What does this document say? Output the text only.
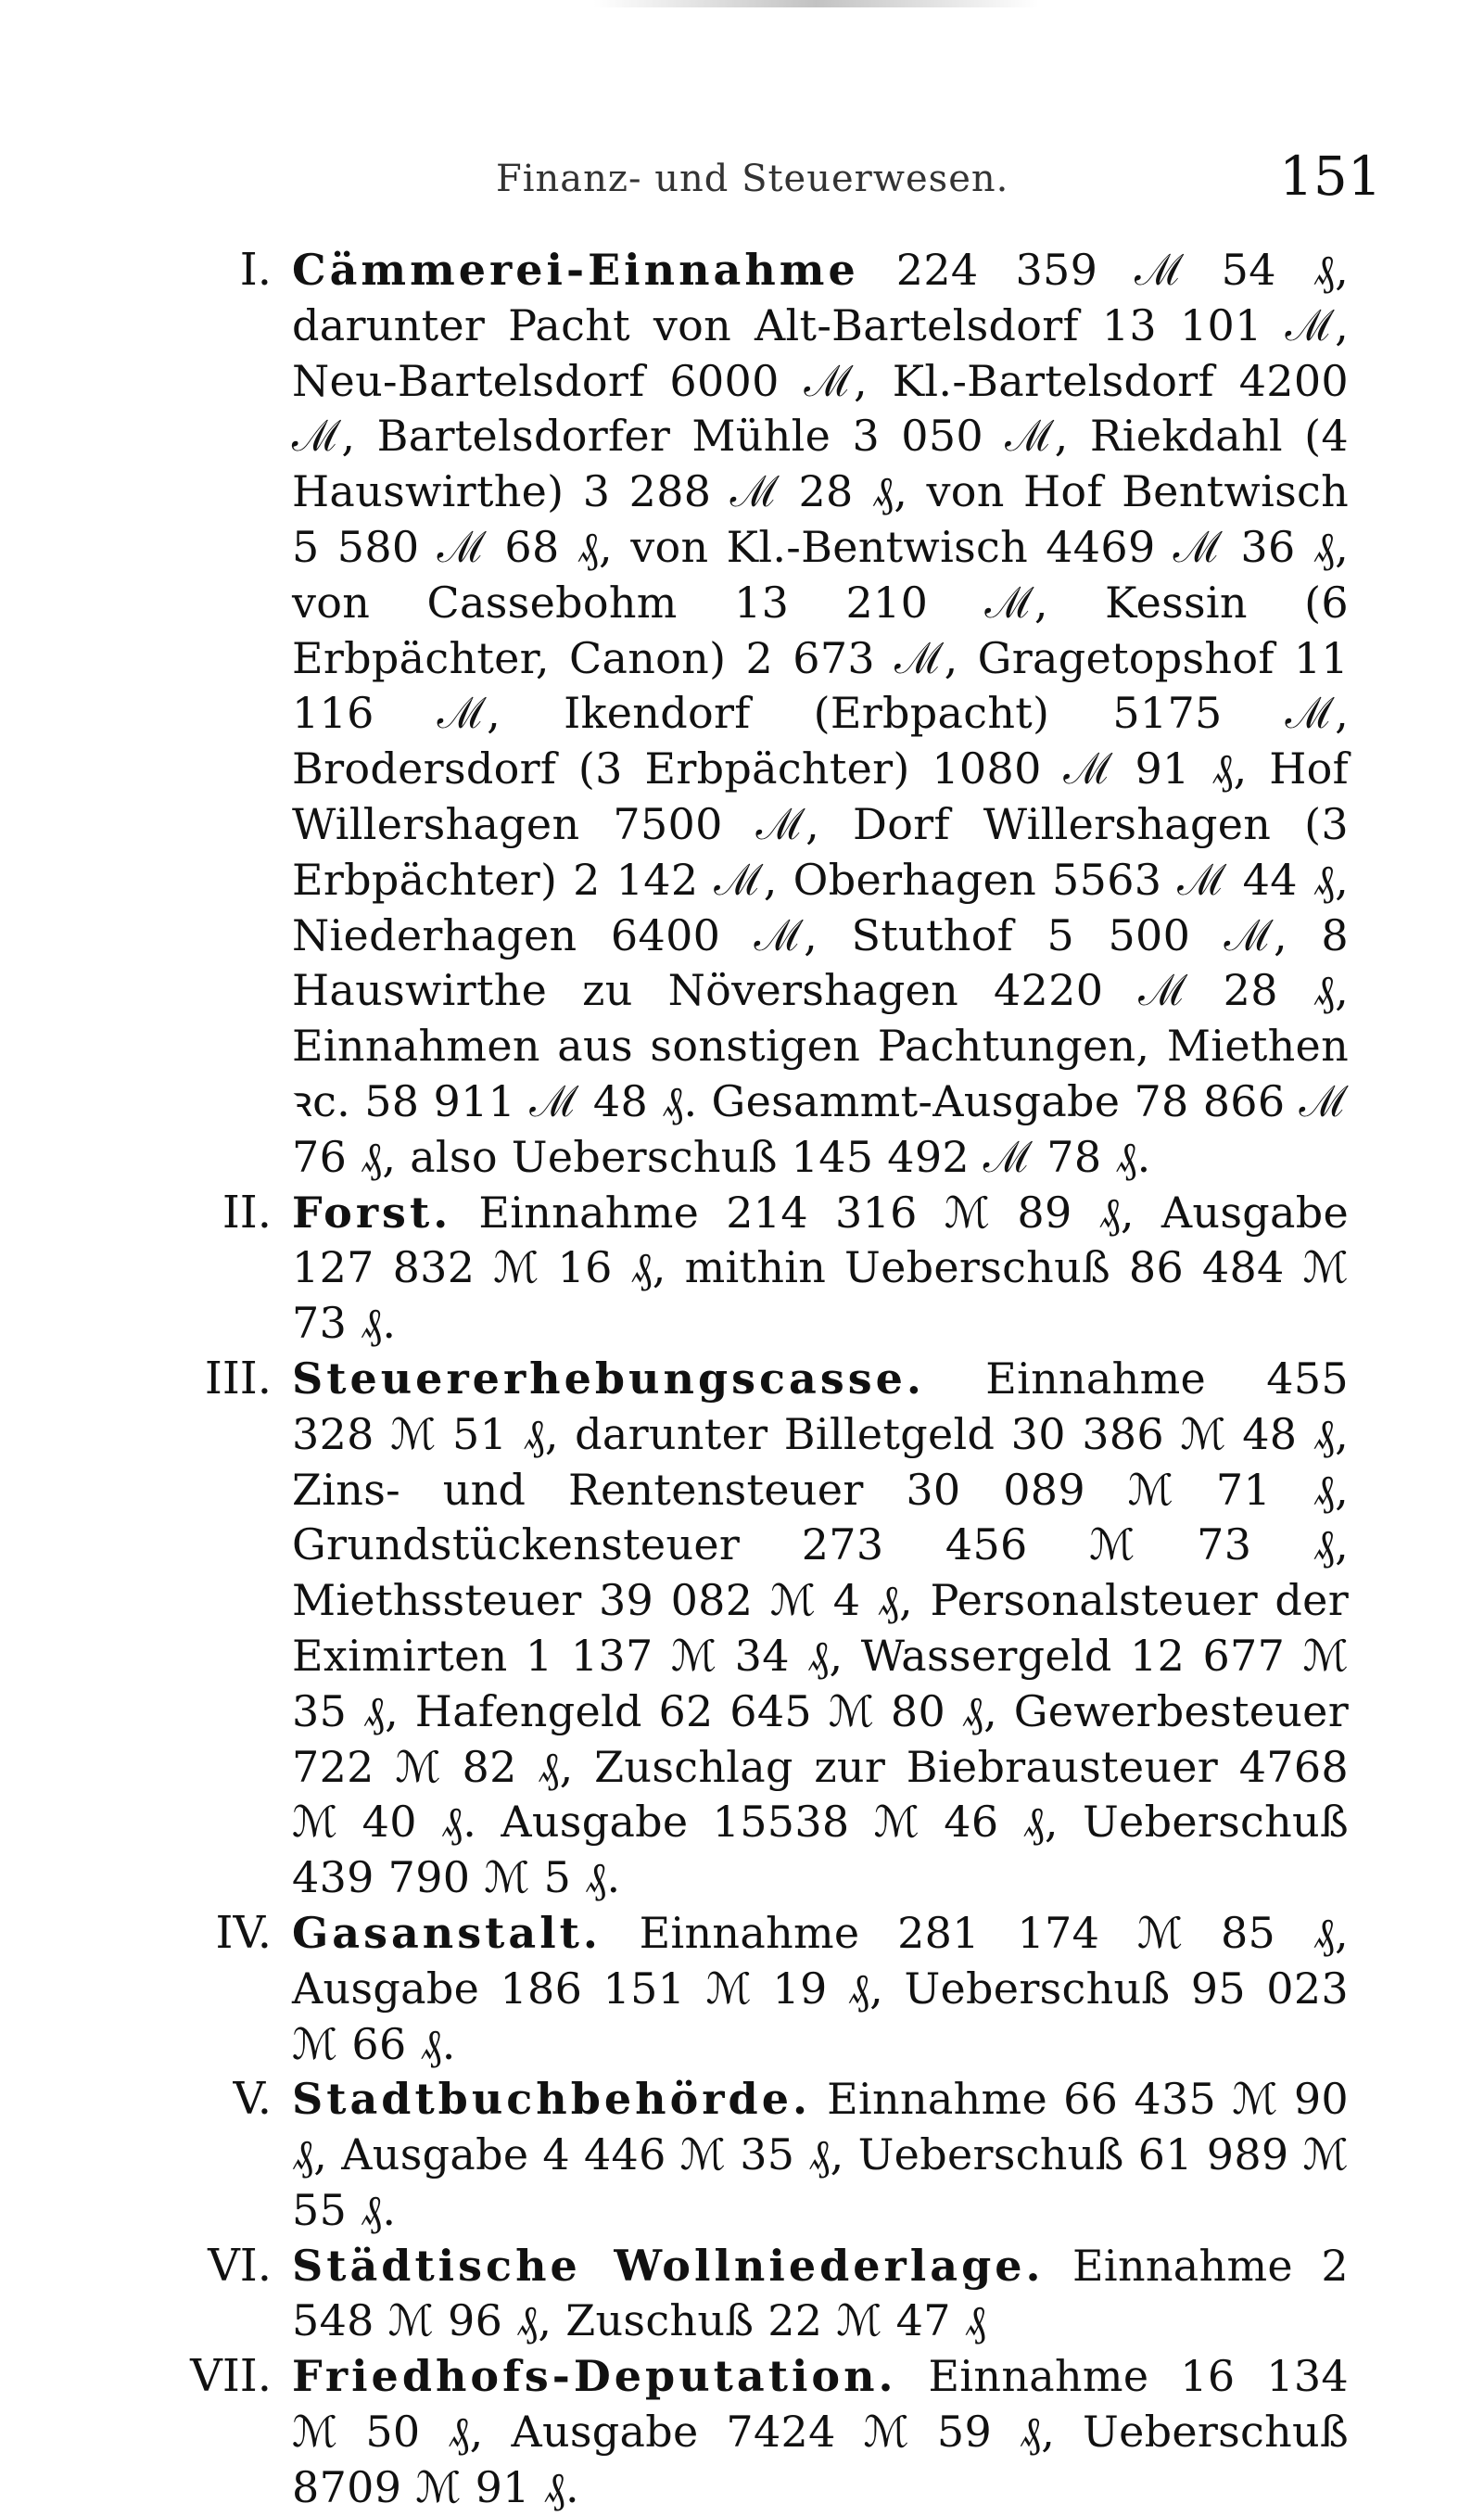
Finanz- und Steuerwesen.	151
I. Cämmerei-Einnahme 224 359 ℳ 54 ₰, darunter Pacht von Alt-Bartelsdorf 13 101 ℳ, Neu-Bartelsdorf 6000 ℳ, Kl.-Bartelsdorf 4200 ℳ, Bartelsdorfer Mühle 3 050 ℳ, Riekdahl (4 Hauswirthe) 3 288 ℳ 28 ₰, von Hof Bentwisch 5 580 ℳ 68 ₰, von Kl.-Bentwisch 4469 ℳ 36 ₰, von Cassebohm 13 210 ℳ, Kessin (6 Erbpächter, Canon) 2 673 ℳ, Gragetopshof 11 116 ℳ, Ikendorf (Erbpacht) 5175 ℳ, Brodersdorf (3 Erbpächter) 1080 ℳ 91 ₰, Hof Willershagen 7500 ℳ, Dorf Willershagen (3 Erbpächter) 2 142 ℳ, Oberhagen 5563 ℳ 44 ₰, Niederhagen 6400 ℳ, Stuthof 5 500 ℳ, 8 Hauswirthe zu Növershagen 4220 ℳ 28 ₰, Einnahmen aus sonstigen Pachtungen, Miethen ꝛc. 58 911 ℳ 48 ₰. Gesammt-Ausgabe 78 866 ℳ 76 ₰, also Ueberschuß 145 492 ℳ 78 ₰.
II. Forst. Einnahme 214 316 ℳ 89 ₰, Ausgabe 127 832 ℳ 16 ₰, mithin Ueberschuß 86 484 ℳ 73 ₰.
III. Steuererhebungscasse. Einnahme 455 328 ℳ 51 ₰, darunter Billetgeld 30 386 ℳ 48 ₰, Zins- und Rentensteuer 30 089 ℳ 71 ₰, Grundstückensteuer 273 456 ℳ 73 ₰, Miethssteuer 39 082 ℳ 4 ₰, Personalsteuer der Eximirten 1 137 ℳ 34 ₰, Wassergeld 12 677 ℳ 35 ₰, Hafengeld 62 645 ℳ 80 ₰, Gewerbesteuer 722 ℳ 82 ₰, Zuschlag zur Biebrausteuer 4768 ℳ 40 ₰. Ausgabe 15538 ℳ 46 ₰, Ueberschuß 439 790 ℳ 5 ₰.
IV. Gasanstalt. Einnahme 281 174 ℳ 85 ₰, Ausgabe 186 151 ℳ 19 ₰, Ueberschuß 95 023 ℳ 66 ₰.
V. Stadtbuchbehörde. Einnahme 66 435 ℳ 90 ₰, Ausgabe 4 446 ℳ 35 ₰, Ueberschuß 61 989 ℳ 55 ₰.
VI. Städtische Wollniederlage. Einnahme 2 548 ℳ 96 ₰, Zuschuß 22 ℳ 47 ₰
VII. Friedhofs-Deputation. Einnahme 16 134 ℳ 50 ₰, Ausgabe 7424 ℳ 59 ₰, Ueberschuß 8709 ℳ 91 ₰.
